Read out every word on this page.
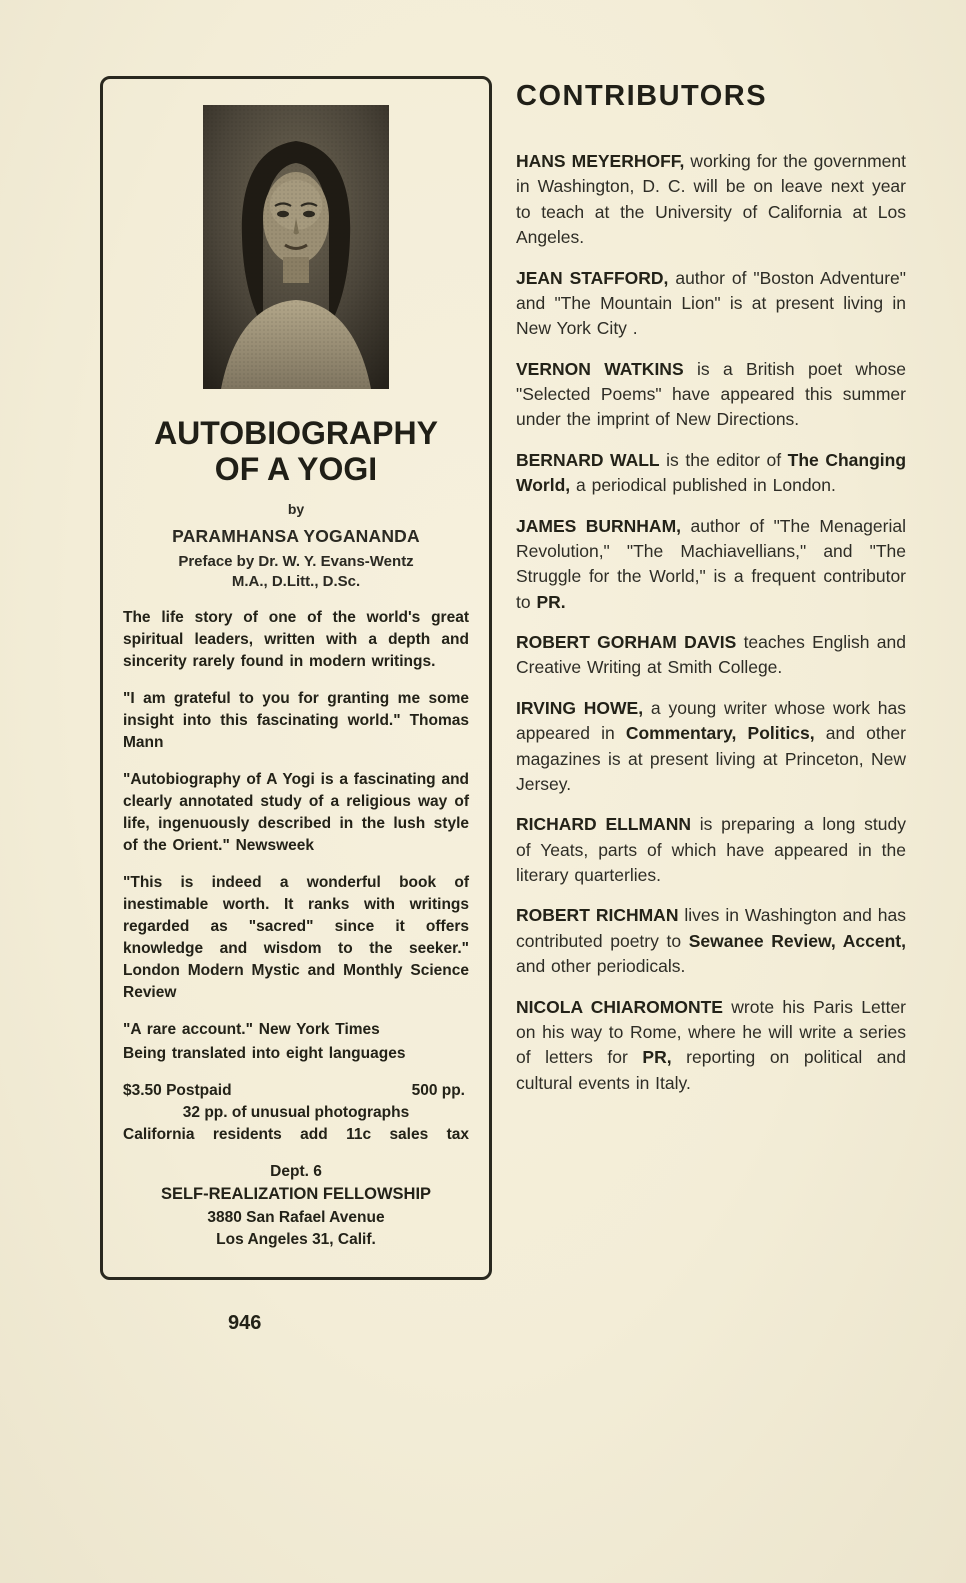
AUTOBIOGRAPHY
OF A YOGI
by
PARAMHANSA YOGANANDA
Preface by Dr. W. Y. Evans-Wentz
M.A., D.Litt., D.Sc.

The life story of one of the world's great spiritual leaders, written with a depth and sincerity rarely found in modern writings.

"I am grateful to you for granting me some insight into this fascinating world." Thomas Mann

"Autobiography of A Yogi is a fascinating and clearly annotated study of a religious way of life, ingenuously described in the lush style of the Orient." Newsweek

"This is indeed a wonderful book of inestimable worth. It ranks with writings regarded as "sacred" since it offers knowledge and wisdom to the seeker." London Modern Mystic and Monthly Science Review

"A rare account." New York Times

Being translated into eight languages

$3.50 Postpaid	500 pp.
32 pp. of unusual photographs
California residents add 11c sales tax
Dept. 6
SELF-REALIZATION FELLOWSHIP
3880 San Rafael Avenue
Los Angeles 31, Calif.
946
CONTRIBUTORS

HANS MEYERHOFF, working for the government in Washington, D. C. will be on leave next year to teach at the University of California at Los Angeles.

JEAN STAFFORD, author of "Boston Adventure" and "The Mountain Lion" is at present living in New York City .

VERNON WATKINS is a British poet whose "Selected Poems" have appeared this summer under the imprint of New Directions.

BERNARD WALL is the editor of The Changing World, a periodical published in London.

JAMES BURNHAM, author of "The Menagerial Revolution," "The Machiavellians," and "The Struggle for the World," is a frequent contributor to PR.

ROBERT GORHAM DAVIS teaches English and Creative Writing at Smith College.

IRVING HOWE, a young writer whose work has appeared in Commentary, Politics, and other magazines is at present living at Princeton, New Jersey.

RICHARD ELLMANN is preparing a long study of Yeats, parts of which have appeared in the literary quarterlies.

ROBERT RICHMAN lives in Washington and has contributed poetry to Sewanee Review, Accent, and other periodicals.

NICOLA CHIAROMONTE wrote his Paris Letter on his way to Rome, where he will write a series of letters for PR, reporting on political and cultural events in Italy.
